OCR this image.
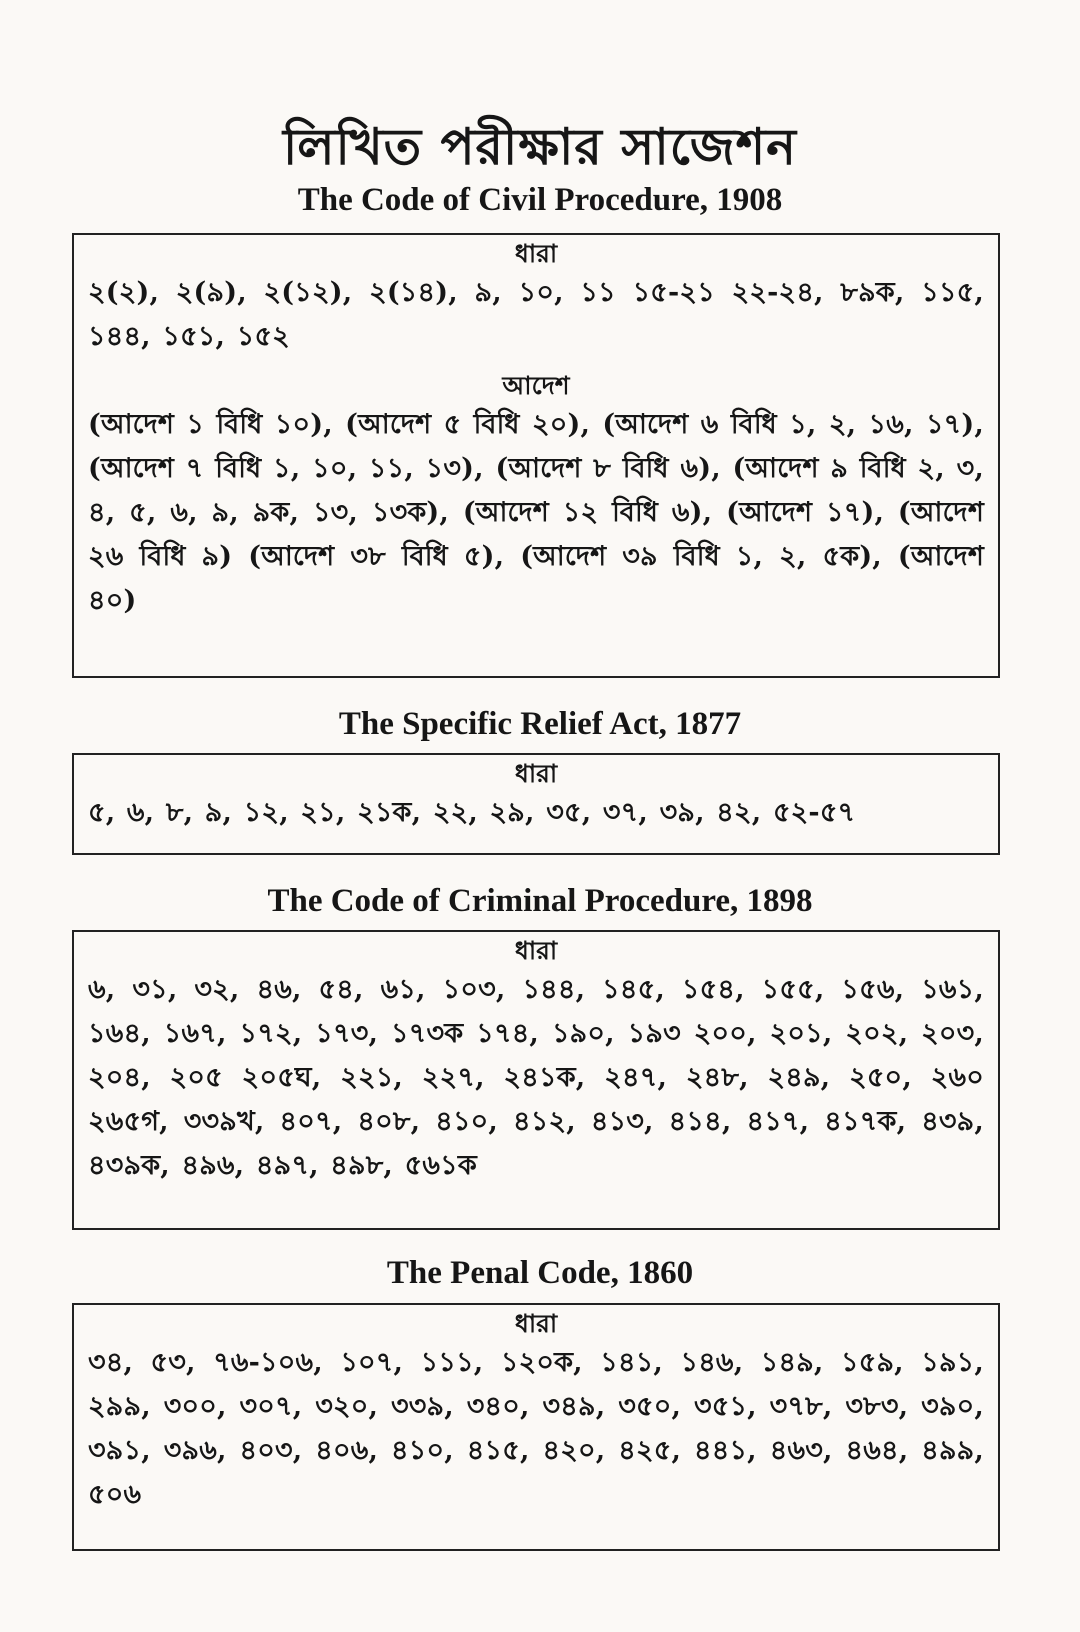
লিখিত পরীক্ষার সাজেশন
The Code of Civil Procedure, 1908

ধারা

২(২), ২(৯), ২(১২), ২(১৪), ৯, ১০, ১১ ১৫-২১ ২২-২৪, ৮৯ক, ১১৫, ১৪৪, ১৫১, ১৫২

আদেশ

(আদেশ ১ বিধি ১০), (আদেশ ৫ বিধি ২০), (আদেশ ৬ বিধি ১, ২, ১৬, ১৭), (আদেশ ৭ বিধি ১, ১০, ১১, ১৩), (আদেশ ৮ বিধি ৬), (আদেশ ৯ বিধি ২, ৩, ৪, ৫, ৬, ৯, ৯ক, ১৩, ১৩ক), (আদেশ ১২ বিধি ৬), (আদেশ ১৭), (আদেশ ২৬ বিধি ৯) (আদেশ ৩৮ বিধি ৫), (আদেশ ৩৯ বিধি ১, ২, ৫ক), (আদেশ ৪০)

The Specific Relief Act, 1877

ধারা

৫, ৬, ৮, ৯, ১২, ২১, ২১ক, ২২, ২৯, ৩৫, ৩৭, ৩৯, ৪২, ৫২-৫৭

The Code of Criminal Procedure, 1898

ধারা

৬, ৩১, ৩২, ৪৬, ৫৪, ৬১, ১০৩, ১৪৪, ১৪৫, ১৫৪, ১৫৫, ১৫৬, ১৬১, ১৬৪, ১৬৭, ১৭২, ১৭৩, ১৭৩ক ১৭৪, ১৯০, ১৯৩ ২০০, ২০১, ২০২, ২০৩, ২০৪, ২০৫ ২০৫ঘ, ২২১, ২২৭, ২৪১ক, ২৪৭, ২৪৮, ২৪৯, ২৫০, ২৬০ ২৬৫গ, ৩৩৯খ, ৪০৭, ৪০৮, ৪১০, ৪১২, ৪১৩, ৪১৪, ৪১৭, ৪১৭ক, ৪৩৯, ৪৩৯ক, ৪৯৬, ৪৯৭, ৪৯৮, ৫৬১ক

The Penal Code, 1860

ধারা

৩৪, ৫৩, ৭৬-১০৬, ১০৭, ১১১, ১২০ক, ১৪১, ১৪৬, ১৪৯, ১৫৯, ১৯১, ২৯৯, ৩০০, ৩০৭, ৩২০, ৩৩৯, ৩৪০, ৩৪৯, ৩৫০, ৩৫১, ৩৭৮, ৩৮৩, ৩৯০, ৩৯১, ৩৯৬, ৪০৩, ৪০৬, ৪১০, ৪১৫, ৪২০, ৪২৫, ৪৪১, ৪৬৩, ৪৬৪, ৪৯৯, ৫০৬
